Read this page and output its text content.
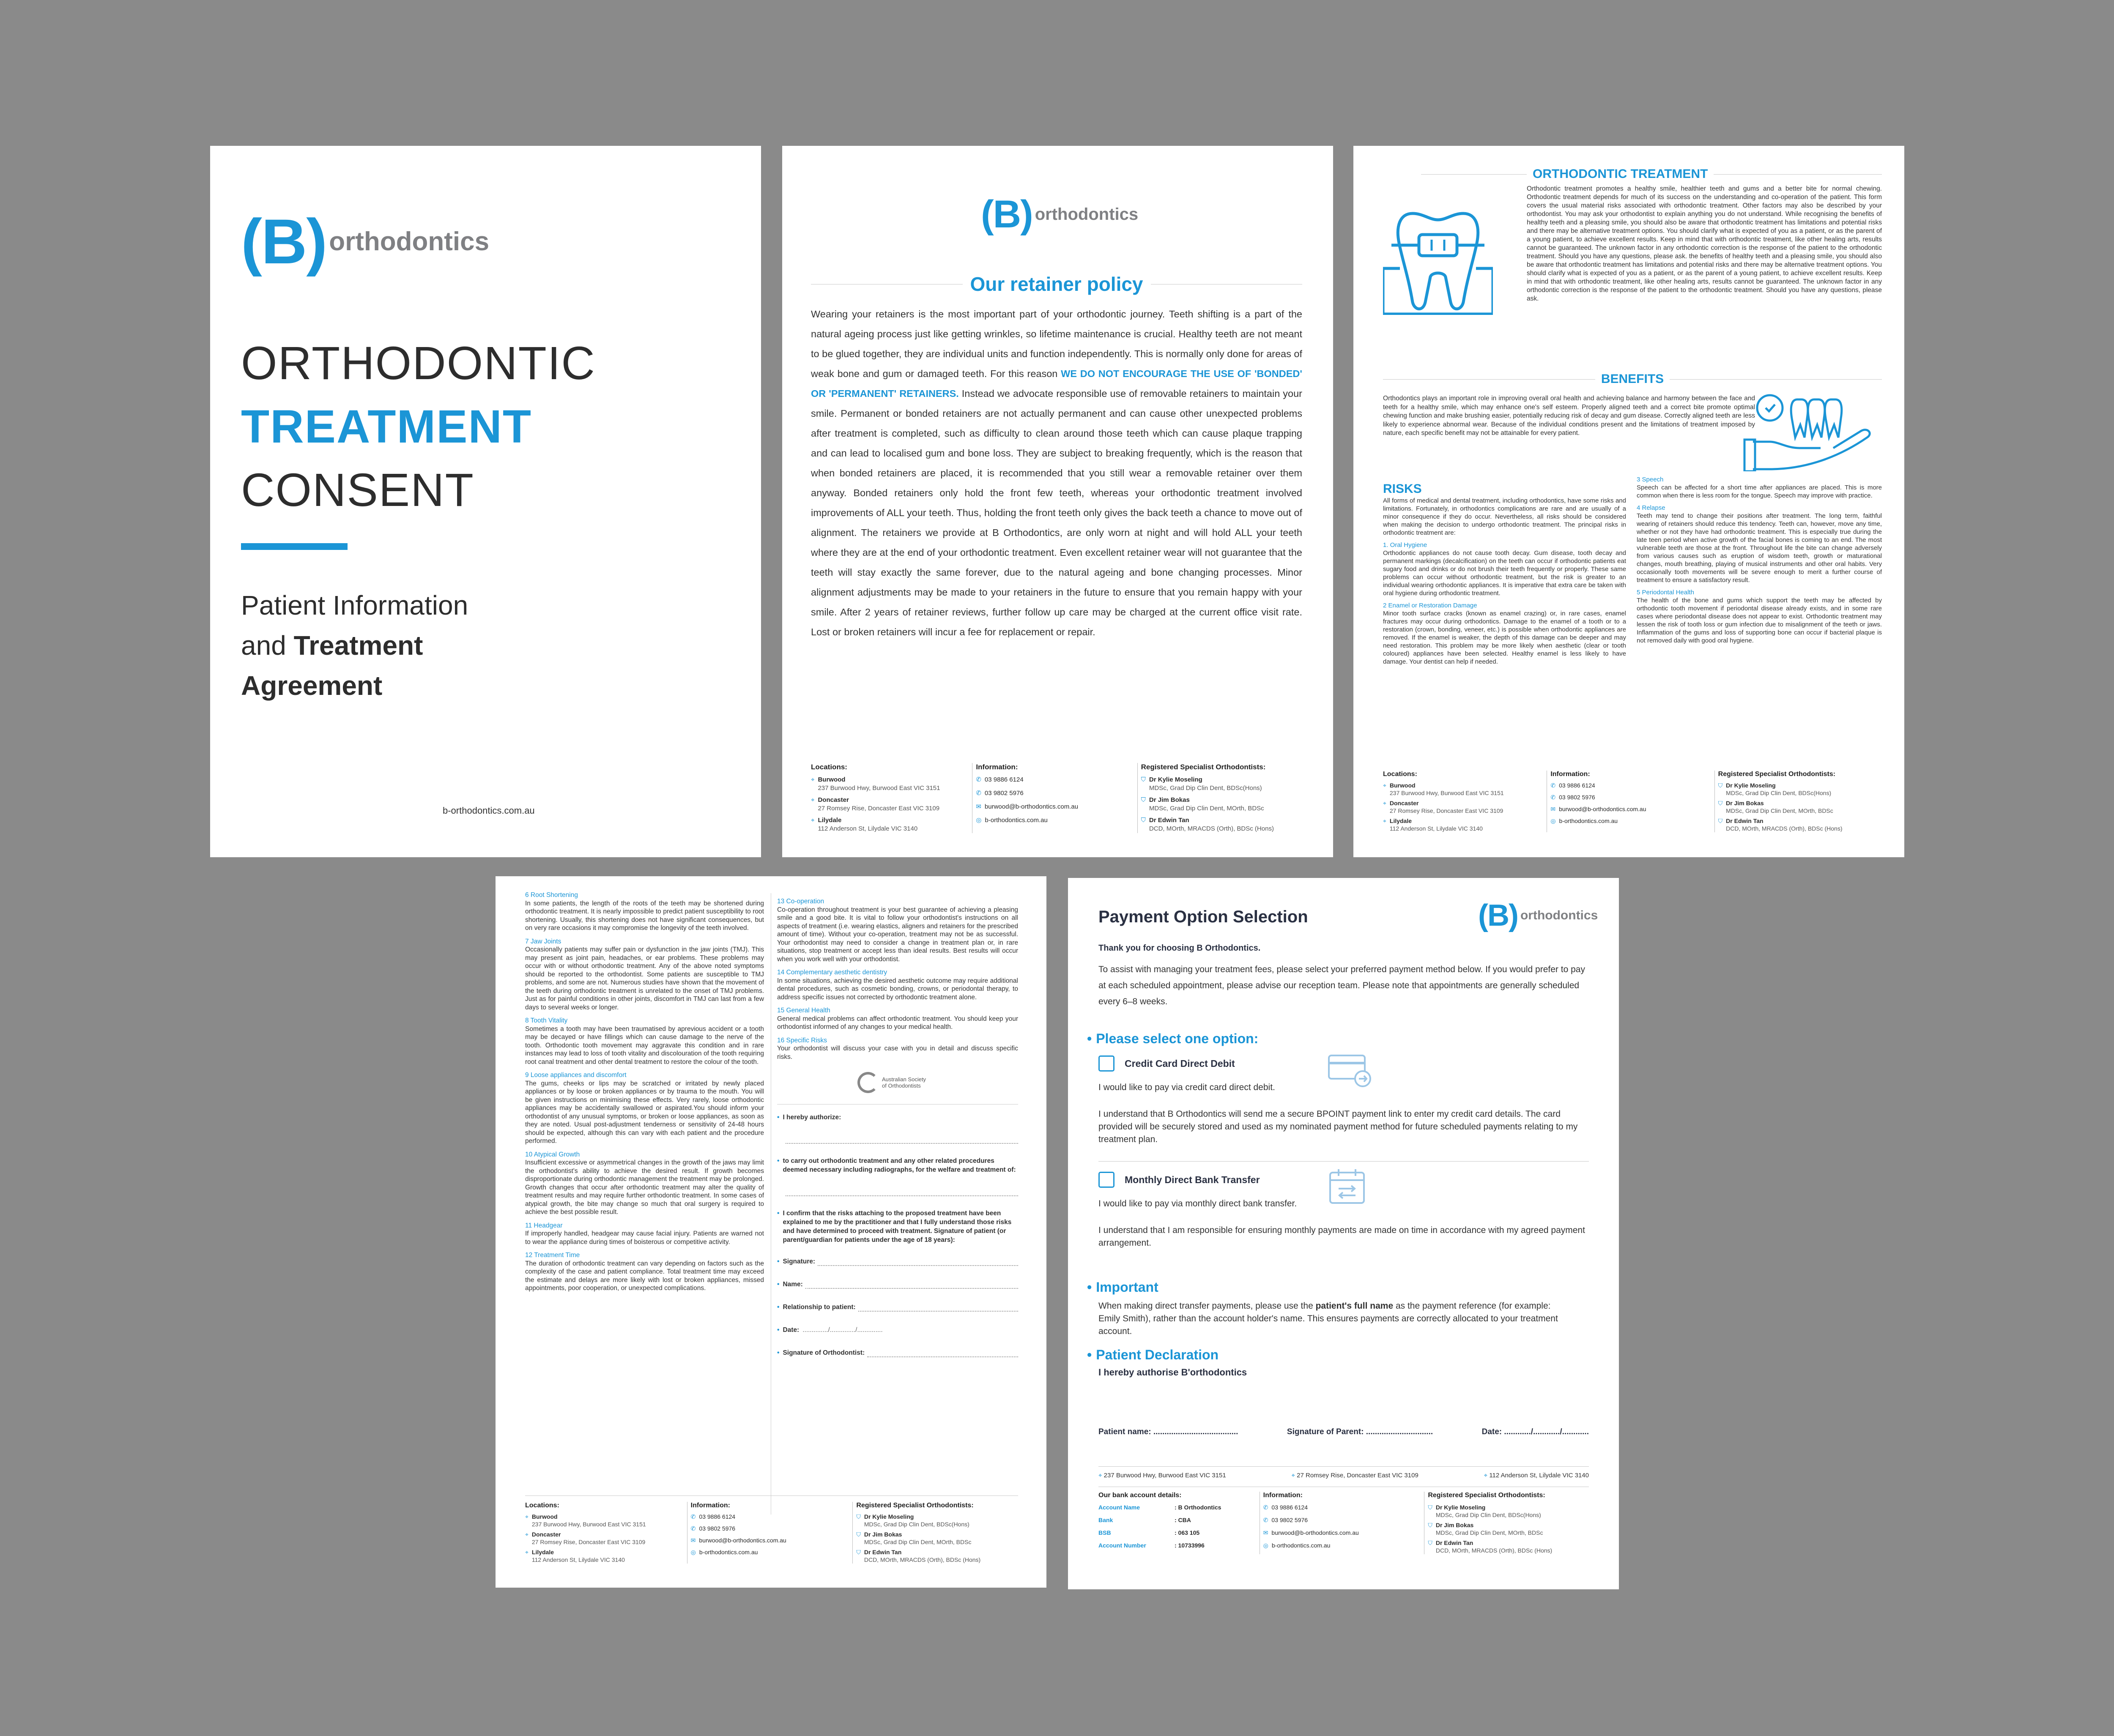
(B) orthodontics
ORTHODONTIC
TREATMENT
CONSENT
Patient Information
and Treatment
Agreement
b-orthodontics.com.au
(B) orthodontics
Our retainer policy

Wearing your retainers is the most important part of your orthodontic journey. Teeth shifting is a part of the natural ageing process just like getting wrinkles, so lifetime maintenance is crucial. Healthy teeth are not meant to be glued together, they are individual units and function independently. This is normally only done for areas of weak bone and gum or damaged teeth. For this reason WE DO NOT ENCOURAGE THE USE OF 'BONDED' OR 'PERMANENT' RETAINERS. Instead we advocate responsible use of removable retainers to maintain your smile. Permanent or bonded retainers are not actually permanent and can cause other unexpected problems after treatment is completed, such as difficulty to clean around those teeth which can cause plaque trapping and can lead to localised gum and bone loss. They are subject to breaking frequently, which is the reason that when bonded retainers are placed, it is recommended that you still wear a removable retainer over them anyway. Bonded retainers only hold the front few teeth, whereas your orthodontic treatment involved improvements of ALL your teeth. Thus, holding the front teeth only gives the back teeth a chance to move out of alignment. The retainers we provide at B Orthodontics, are only worn at night and will hold ALL your teeth where they are at the end of your orthodontic treatment. Even excellent retainer wear will not guarantee that the teeth will stay exactly the same forever, due to the natural ageing and bone changing processes. Minor alignment adjustments may be made to your retainers in the future to ensure that you remain happy with your smile. After 2 years of retainer reviews, further follow up care may be charged at the current office visit rate. Lost or broken retainers will incur a fee for replacement or repair.

Locations:
⌖ Burwood
237 Burwood Hwy, Burwood East VIC 3151
⌖ Doncaster
27 Romsey Rise, Doncaster East VIC 3109
⌖ Lilydale
112 Anderson St, Lilydale VIC 3140
Information:
✆ 03 9886 6124
✆ 03 9802 5976
✉ burwood@b-orthodontics.com.au
◎ b-orthodontics.com.au
Registered Specialist Orthodontists:
⛉ Dr Kylie Moseling
MDSc, Grad Dip Clin Dent, BDSc(Hons)
⛉ Dr Jim Bokas
MDSc, Grad Dip Clin Dent, MOrth, BDSc
⛉ Dr Edwin Tan
DCD, MOrth, MRACDS (Orth), BDSc (Hons)
ORTHODONTIC TREATMENT

Orthodontic treatment promotes a healthy smile, healthier teeth and gums and a better bite for normal chewing. Orthodontic treatment depends for much of its success on the understanding and co-operation of the patient. This form covers the usual material risks associated with orthodontic treatment. Other factors may also be described by your orthodontist. You may ask your orthodontist to explain anything you do not understand. While recognising the benefits of healthy teeth and a pleasing smile, you should also be aware that orthodontic treatment has limitations and potential risks and there may be alternative treatment options. You should clarify what is expected of you as a patient, or as the parent of a young patient, to achieve excellent results. Keep in mind that with orthodontic treatment, like other healing arts, results cannot be guaranteed. The unknown factor in any orthodontic correction is the response of the patient to the orthodontic treatment. Should you have any questions, please ask. the benefits of healthy teeth and a pleasing smile, you should also be aware that orthodontic treatment has limitations and potential risks and there may be alternative treatment options. You should clarify what is expected of you as a patient, or as the parent of a young patient, to achieve excellent results. Keep in mind that with orthodontic treatment, like other healing arts, results cannot be guaranteed. The unknown factor in any orthodontic correction is the response of the patient to the orthodontic treatment. Should you have any questions, please ask.

BENEFITS

Orthodontics plays an important role in improving overall oral health and achieving balance and harmony between the face and teeth for a healthy smile, which may enhance one's self esteem. Properly aligned teeth and a correct bite promote optimal chewing function and make brushing easier, potentially reducing risk of decay and gum disease. Correctly aligned teeth are less likely to experience abnormal wear. Because of the individual conditions present and the limitations of treatment imposed by nature, each specific benefit may not be attainable for every patient.

RISKS

All forms of medical and dental treatment, including orthodontics, have some risks and limitations. Fortunately, in orthodontics complications are rare and are usually of a minor consequence if they do occur. Nevertheless, all risks should be considered when making the decision to undergo orthodontic treatment. The principal risks in orthodontic treatment are:

1. Oral Hygiene

Orthodontic appliances do not cause tooth decay. Gum disease, tooth decay and permanent markings (decalcification) on the teeth can occur if orthodontic patients eat sugary food and drinks or do not brush their teeth frequently or properly. These same problems can occur without orthodontic treatment, but the risk is greater to an individual wearing orthodontic appliances. It is imperative that extra care be taken with oral hygiene during orthodontic treatment.

2 Enamel or Restoration Damage

Minor tooth surface cracks (known as enamel crazing) or, in rare cases, enamel fractures may occur during orthodontics. Damage to the enamel of a tooth or to a restoration (crown, bonding, veneer, etc.) is possible when orthodontic appliances are removed. If the enamel is weaker, the depth of this damage can be deeper and may need restoration. This problem may be more likely when aesthetic (clear or tooth coloured) appliances have been selected. Healthy enamel is less likely to have damage. Your dentist can help if needed.

3 Speech

Speech can be affected for a short time after appliances are placed. This is more common when there is less room for the tongue. Speech may improve with practice.

4 Relapse

Teeth may tend to change their positions after treatment. The long term, faithful wearing of retainers should reduce this tendency. Teeth can, however, move any time, whether or not they have had orthodontic treatment. This is especially true during the late teen period when active growth of the facial bones is coming to an end. The most vulnerable teeth are those at the front. Throughout life the bite can change adversely from various causes such as eruption of wisdom teeth, growth or maturational changes, mouth breathing, playing of musical instruments and other oral habits. Very occasionally tooth movements will be severe enough to merit a further course of treatment to ensure a satisfactory result.

5 Periodontal Health

The health of the bone and gums which support the teeth may be affected by orthodontic tooth movement if periodontal disease already exists, and in some rare cases where periodontal disease does not appear to exist. Orthodontic treatment may lessen the risk of tooth loss or gum infection due to misalignment of the teeth or jaws. Inflammation of the gums and loss of supporting bone can occur if bacterial plaque is not removed daily with good oral hygiene.

Locations:
⌖ Burwood
237 Burwood Hwy, Burwood East VIC 3151
⌖ Doncaster
27 Romsey Rise, Doncaster East VIC 3109
⌖ Lilydale
112 Anderson St, Lilydale VIC 3140
Information:
✆ 03 9886 6124
✆ 03 9802 5976
✉ burwood@b-orthodontics.com.au
◎ b-orthodontics.com.au
Registered Specialist Orthodontists:
⛉ Dr Kylie Moseling
MDSc, Grad Dip Clin Dent, BDSc(Hons)
⛉ Dr Jim Bokas
MDSc, Grad Dip Clin Dent, MOrth, BDSc
⛉ Dr Edwin Tan
DCD, MOrth, MRACDS (Orth), BDSc (Hons)
6 Root Shortening

In some patients, the length of the roots of the teeth may be shortened during orthodontic treatment. It is nearly impossible to predict patient susceptibility to root shortening. Usually, this shortening does not have significant consequences, but on very rare occasions it may compromise the longevity of the teeth involved.

7 Jaw Joints

Occasionally patients may suffer pain or dysfunction in the jaw joints (TMJ). This may present as joint pain, headaches, or ear problems. These problems may occur with or without orthodontic treatment. Any of the above noted symptoms should be reported to the orthodontist. Some patients are susceptible to TMJ problems, and some are not. Numerous studies have shown that the movement of the teeth during orthodontic treatment is unrelated to the onset of TMJ problems. Just as for painful conditions in other joints, discomfort in TMJ can last from a few days to several weeks or longer.

8 Tooth Vitality

Sometimes a tooth may have been traumatised by aprevious accident or a tooth may be decayed or have fillings which can cause damage to the nerve of the tooth. Orthodontic tooth movement may aggravate this condition and in rare instances may lead to loss of tooth vitality and discolouration of the tooth requiring root canal treatment and other dental treatment to restore the colour of the tooth.

9 Loose appliances and discomfort

The gums, cheeks or lips may be scratched or irritated by newly placed appliances or by loose or broken appliances or by trauma to the mouth. You will be given instructions on minimising these effects. Very rarely, loose orthodontic appliances may be accidentally swallowed or aspirated.You should inform your orthodontist of any unusual symptoms, or broken or loose appliances, as soon as they are noted. Usual post-adjustment tenderness or sensitivity of 24-48 hours should be expected, although this can vary with each patient and the procedure performed.

10 Atypical Growth

Insufficient excessive or asymmetrical changes in the growth of the jaws may limit the orthodontist's ability to achieve the desired result. If growth becomes disproportionate during orthodontic management the treatment may be prolonged. Growth changes that occur after orthodontic treatment may alter the quality of treatment results and may require further orthodontic treatment. In some cases of atypical growth, the bite may change so much that oral surgery is required to achieve the best possible result.

11 Headgear

If improperly handled, headgear may cause facial injury. Patients are warned not to wear the appliance during times of boisterous or competitive activity.

12 Treatment Time

The duration of orthodontic treatment can vary depending on factors such as the complexity of the case and patient compliance. Total treatment time may exceed the estimate and delays are more likely with lost or broken appliances, missed appointments, poor cooperation, or unexpected complications.

13 Co-operation

Co-operation throughout treatment is your best guarantee of achieving a pleasing smile and a good bite. It is vital to follow your orthodontist's instructions on all aspects of treatment (i.e. wearing elastics, aligners and retainers for the prescribed amount of time). Without your co-operation, treatment may not be as successful. Your orthodontist may need to consider a change in treatment plan or, in rare situations, stop treatment or accept less than ideal results. Best results will occur when you work well with your orthodontist.

14 Complementary aesthetic dentistry

In some situations, achieving the desired aesthetic outcome may require additional dental procedures, such as cosmetic bonding, crowns, or periodontal therapy, to address specific issues not corrected by orthodontic treatment alone.

15 General Health

General medical problems can affect orthodontic treatment. You should keep your orthodontist informed of any changes to your medical health.

16 Specific Risks

Your orthodontist will discuss your case with you in detail and discuss specific risks.

Australian Society
of Orthodontists
• I hereby authorize:
• to carry out orthodontic treatment and any other related procedures deemed necessary including radiographs, for the welfare and treatment of:
• I confirm that the risks attaching to the proposed treatment have been explained to me by the practitioner and that I fully understand those risks and have determined to proceed with treatment. Signature of patient (or parent/guardian for patients under the age of 18 years):
• Signature:
• Name:
• Relationship to patient:
• Date: ............../............../..............
• Signature of Orthodontist:
Locations:
⌖ Burwood
237 Burwood Hwy, Burwood East VIC 3151
⌖ Doncaster
27 Romsey Rise, Doncaster East VIC 3109
⌖ Lilydale
112 Anderson St, Lilydale VIC 3140
Information:
✆ 03 9886 6124
✆ 03 9802 5976
✉ burwood@b-orthodontics.com.au
◎ b-orthodontics.com.au
Registered Specialist Orthodontists:
⛉ Dr Kylie Moseling
MDSc, Grad Dip Clin Dent, BDSc(Hons)
⛉ Dr Jim Bokas
MDSc, Grad Dip Clin Dent, MOrth, BDSc
⛉ Dr Edwin Tan
DCD, MOrth, MRACDS (Orth), BDSc (Hons)
Payment Option Selection	(B) orthodontics
Thank you for choosing B Orthodontics.

To assist with managing your treatment fees, please select your preferred payment method below. If you would prefer to pay at each scheduled appointment, please advise our reception team. Please note that appointments are generally scheduled every 6–8 weeks.

• Please select one option:
Credit Card Direct Debit

I would like to pay via credit card direct debit.

I understand that B Orthodontics will send me a secure BPOINT payment link to enter my credit card details. The card provided will be securely stored and used as my nominated payment method for future scheduled payments relating to my treatment plan.

Monthly Direct Bank Transfer

I would like to pay via monthly direct bank transfer.

I understand that I am responsible for ensuring monthly payments are made on time in accordance with my agreed payment arrangement.

• Important

When making direct transfer payments, please use the patient's full name as the payment reference (for example: Emily Smith), rather than the account holder's name. This ensures payments are correctly allocated to your treatment account.

• Patient Declaration
I hereby authorise B'orthodontics
Patient name: ......................................	Signature of Parent: ..............................	Date: ............/............/............
⌖ 237 Burwood Hwy, Burwood East VIC 3151	⌖ 27 Romsey Rise, Doncaster East VIC 3109	⌖ 112 Anderson St, Lilydale VIC 3140
Our bank account details:
Account Name	: B Orthodontics
Bank	: CBA
BSB	: 063 105
Account Number	: 10733996
Information:
✆ 03 9886 6124
✆ 03 9802 5976
✉ burwood@b-orthodontics.com.au
◎ b-orthodontics.com.au
Registered Specialist Orthodontists:
⛉ Dr Kylie Moseling
MDSc, Grad Dip Clin Dent, BDSc(Hons)
⛉ Dr Jim Bokas
MDSc, Grad Dip Clin Dent, MOrth, BDSc
⛉ Dr Edwin Tan
DCD, MOrth, MRACDS (Orth), BDSc (Hons)
